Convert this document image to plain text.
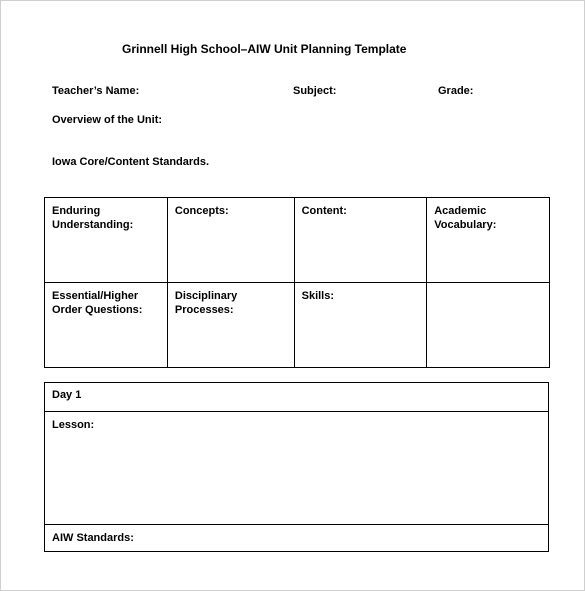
Grinnell High School–AIW Unit Planning Template
Teacher’s Name:	Subject:	Grade:
Overview of the Unit:
Iowa Core/Content Standards.
Enduring Understanding:	Concepts:	Content:	Academic Vocabulary:
Essential/Higher Order Questions:	Disciplinary Processes:	Skills:	
Day 1
Lesson:
AIW Standards:
